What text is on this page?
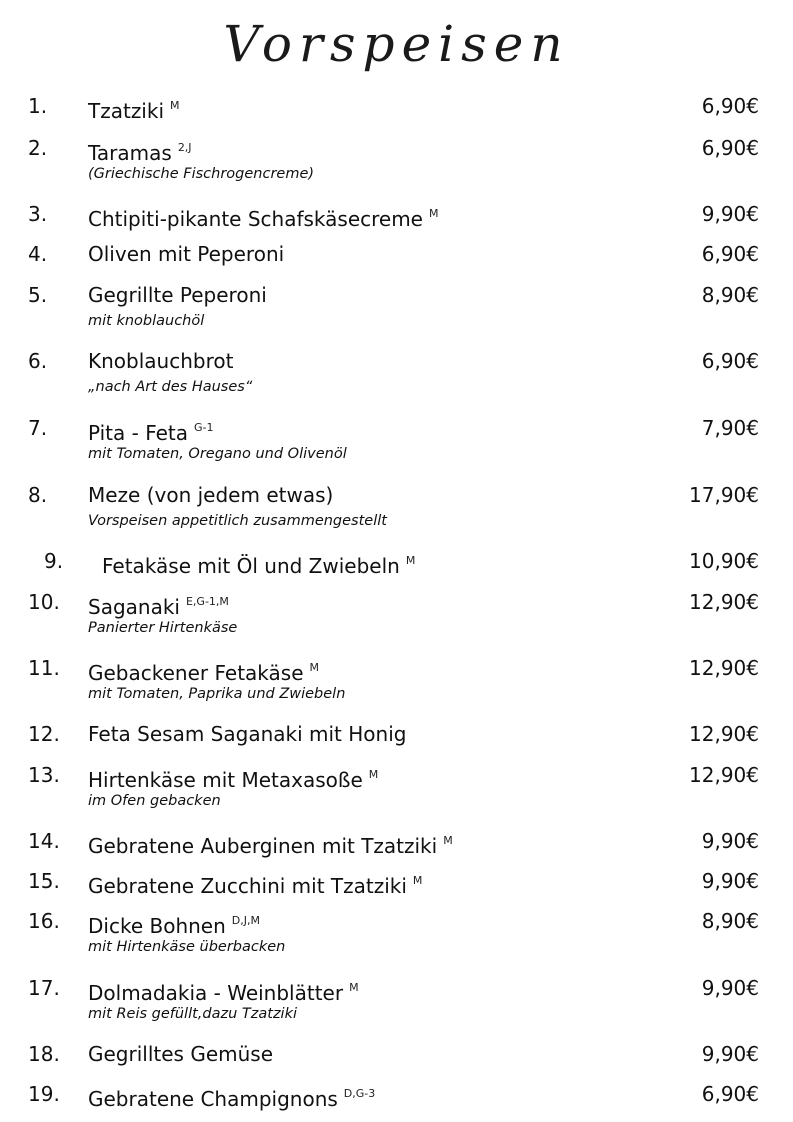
Vorspeisen
1. Tzatziki $^M$	6,90€
2. Taramas $^{2,J}$
(Griechische Fischrogencreme)
6,90€
3. Chtipiti-pikante Schafskäsecreme $^M$	9,90€
4. Oliven mit Peperoni	6,90€
5. Gegrillte Peperoni
mit knoblauchöl
8,90€
6. Knoblauchbrot
„nach Art des Hauses“
6,90€
7. Pita - Feta $^{G-1}$
mit Tomaten, Oregano und Olivenöl
7,90€
8. Meze (von jedem etwas)
Vorspeisen appetitlich zusammengestellt
17,90€
9. Fetakäse mit Öl und Zwiebeln $^M$	10,90€
10. Saganaki $^{E,G-1,M}$
Panierter Hirtenkäse
12,90€
11. Gebackener Fetakäse $^M$
mit Tomaten, Paprika und Zwiebeln
12,90€
12. Feta Sesam Saganaki mit Honig	12,90€
13. Hirtenkäse mit Metaxasoße $^M$
im Ofen gebacken
12,90€
14. Gebratene Auberginen mit Tzatziki $^M$	9,90€
15. Gebratene Zucchini mit Tzatziki $^M$	9,90€
16. Dicke Bohnen $^{D,J,M}$
mit Hirtenkäse überbacken
8,90€
17. Dolmadakia - Weinblätter $^M$
mit Reis gefüllt,dazu Tzatziki
9,90€
18. Gegrilltes Gemüse	9,90€
19. Gebratene Champignons $^{D,G-3}$	6,90€
